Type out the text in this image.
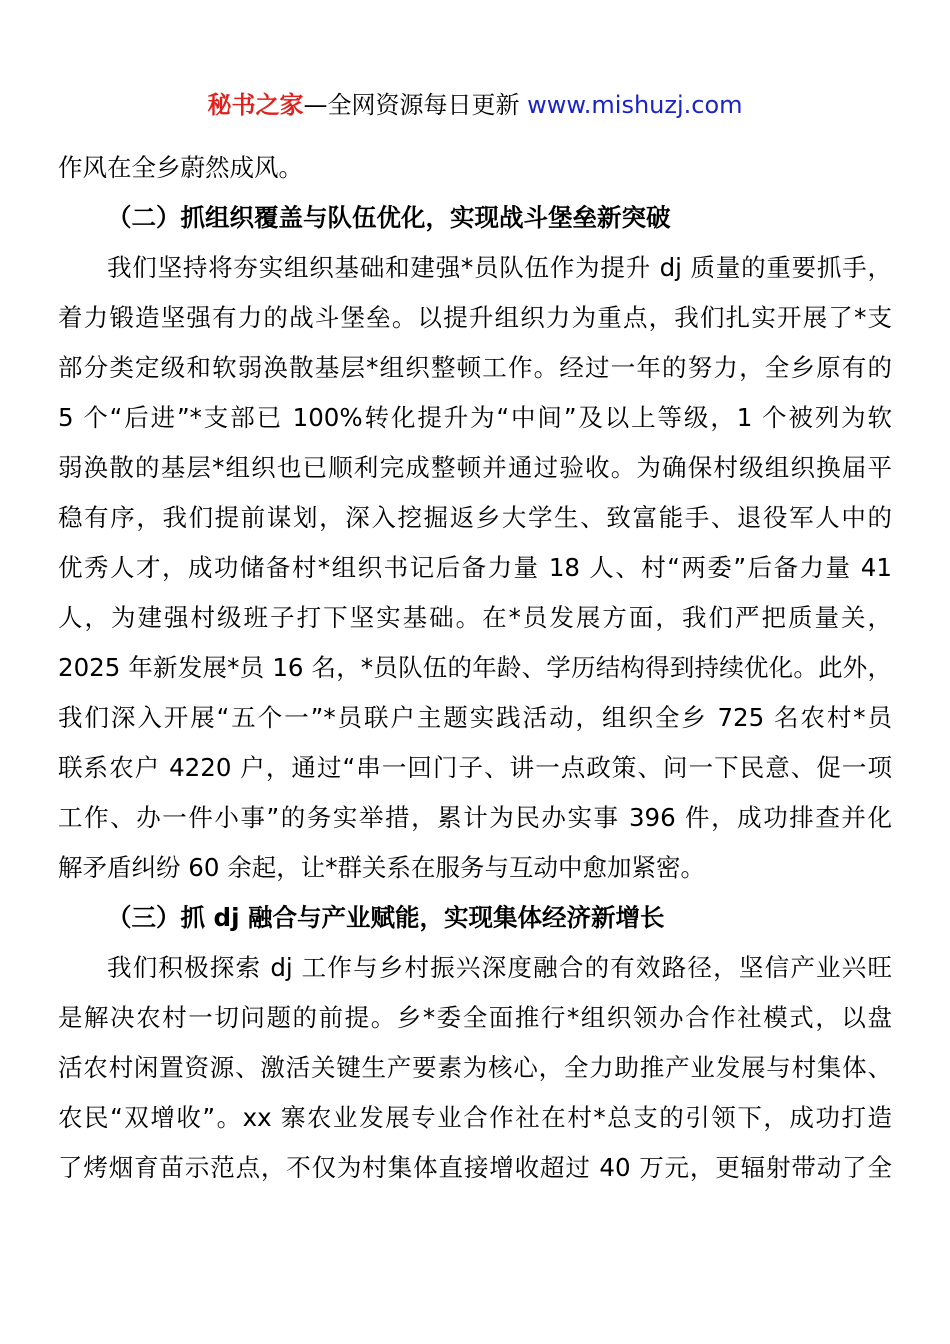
秘书之家—全网资源每日更新 www.mishuzj.com
作风在全乡蔚然成风。
（二）抓组织覆盖与队伍优化，实现战斗堡垒新突破
我们坚持将夯实组织基础和建强*员队伍作为提升 dj 质量的重要抓手，
着力锻造坚强有力的战斗堡垒。以提升组织力为重点，我们扎实开展了*支
部分类定级和软弱涣散基层*组织整顿工作。经过一年的努力，全乡原有的
5 个“后进”*支部已 100%转化提升为“中间”及以上等级，1 个被列为软
弱涣散的基层*组织也已顺利完成整顿并通过验收。为确保村级组织换届平
稳有序，我们提前谋划，深入挖掘返乡大学生、致富能手、退役军人中的
优秀人才，成功储备村*组织书记后备力量 18 人、村“两委”后备力量 41
人，为建强村级班子打下坚实基础。在*员发展方面，我们严把质量关，
2025 年新发展*员 16 名，*员队伍的年龄、学历结构得到持续优化。此外，
我们深入开展“五个一”*员联户主题实践活动，组织全乡 725 名农村*员
联系农户 4220 户，通过“串一回门子、讲一点政策、问一下民意、促一项
工作、办一件小事”的务实举措，累计为民办实事 396 件，成功排查并化
解矛盾纠纷 60 余起，让*群关系在服务与互动中愈加紧密。
（三）抓 dj 融合与产业赋能，实现集体经济新增长
我们积极探索 dj 工作与乡村振兴深度融合的有效路径，坚信产业兴旺
是解决农村一切问题的前提。乡*委全面推行*组织领办合作社模式，以盘
活农村闲置资源、激活关键生产要素为核心，全力助推产业发展与村集体、
农民“双增收”。xx 寨农业发展专业合作社在村*总支的引领下，成功打造
了烤烟育苗示范点，不仅为村集体直接增收超过 40 万元，更辐射带动了全
